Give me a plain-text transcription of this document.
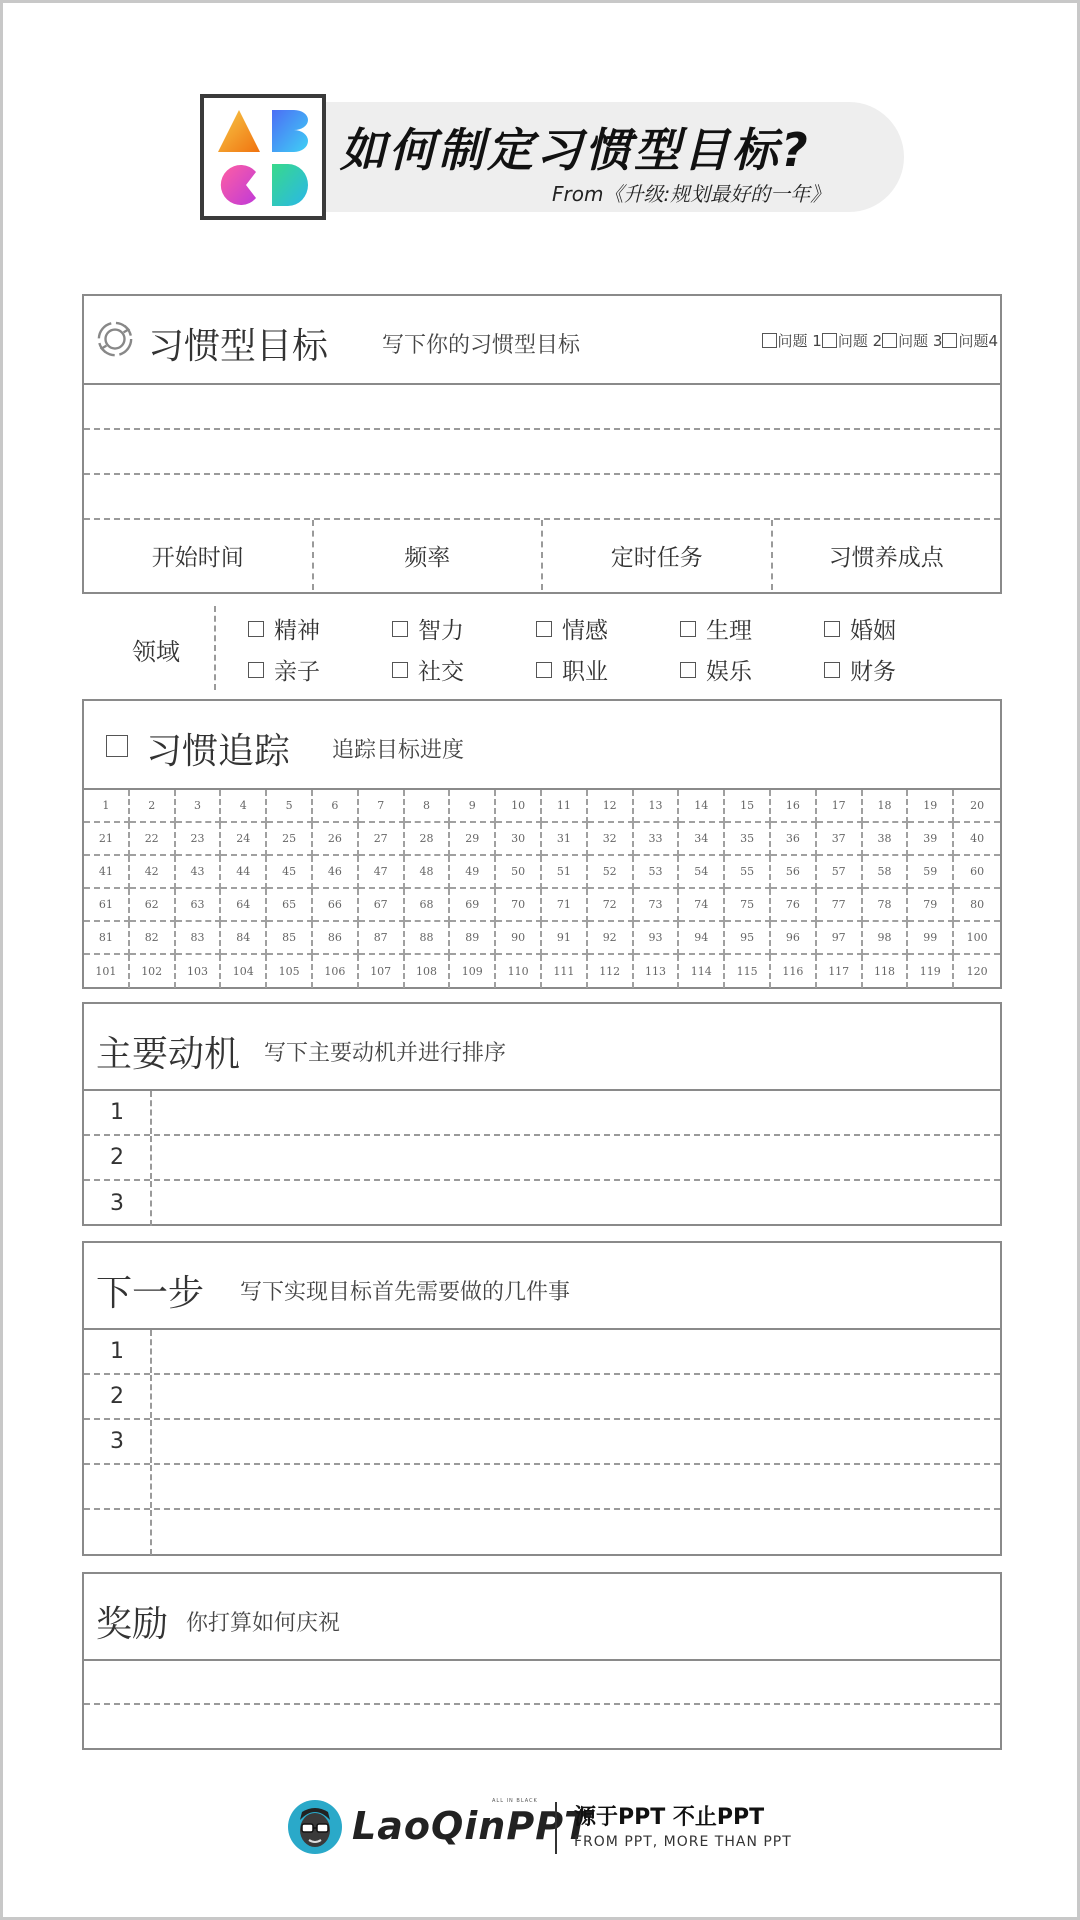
如何制定习惯型目标?
From《升级:规划最好的一年》
习惯型目标 写下你的习惯型目标	问题 1 问题 2 问题 3 问题4
开始时间	频率	定时任务	习惯养成点
领域
精神	智力	情感	生理	婚姻
亲子	社交	职业	娱乐	财务
习惯追踪 追踪目标进度
1	2	3	4	5	6	7	8	9	10	11	12	13	14	15	16	17	18	19	20
21	22	23	24	25	26	27	28	29	30	31	32	33	34	35	36	37	38	39	40
41	42	43	44	45	46	47	48	49	50	51	52	53	54	55	56	57	58	59	60
61	62	63	64	65	66	67	68	69	70	71	72	73	74	75	76	77	78	79	80
81	82	83	84	85	86	87	88	89	90	91	92	93	94	95	96	97	98	99	100
101	102	103	104	105	106	107	108	109	110	111	112	113	114	115	116	117	118	119	120
主要动机 写下主要动机并进行排序
1
2
3
下一步 写下实现目标首先需要做的几件事
1
2
3
奖励 你打算如何庆祝
LaoQinPPT
ALL IN BLACK
源于PPT 不止PPT
FROM PPT, MORE THAN PPT
